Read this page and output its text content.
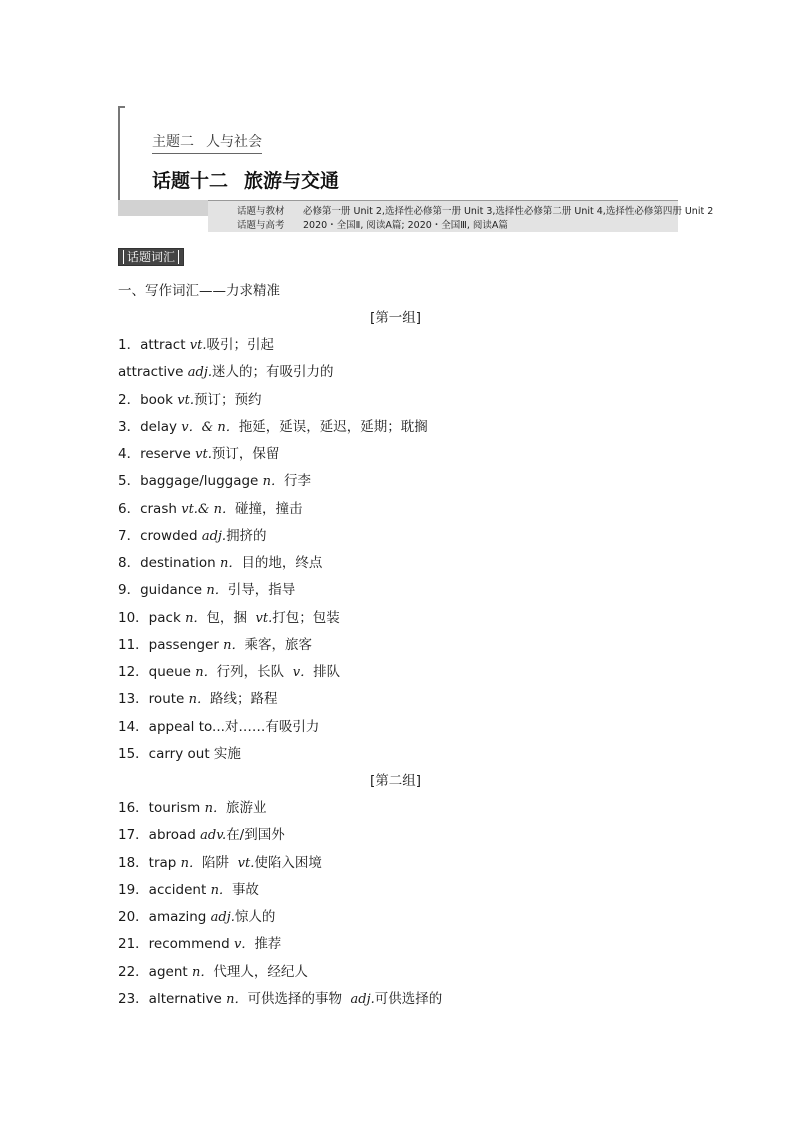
主题二 人与社会
话题十二 旅游与交通
话题与教材 必修第一册 Unit 2,选择性必修第一册 Unit 3,选择性必修第二册 Unit 4,选择性必修第四册 Unit 2
话题与高考 2020・全国Ⅱ, 阅读A篇; 2020・全国Ⅲ, 阅读A篇
话题词汇
一、写作词汇——力求精准
[第一组]
1．attract vt.吸引；引起
attractive adj.迷人的；有吸引力的
2．book vt.预订；预约
3．delay v．& n．拖延，延误，延迟，延期；耽搁
4．reserve vt.预订，保留
5．baggage/luggage n．行李
6．crash vt.& n．碰撞，撞击
7．crowded adj.拥挤的
8．destination n．目的地，终点
9．guidance n．引导，指导
10．pack n．包，捆 vt.打包；包装
11．passenger n．乘客，旅客
12．queue n．行列，长队 v．排队
13．route n．路线；路程
14．appeal to...对……有吸引力
15．carry out 实施
[第二组]
16．tourism n．旅游业
17．abroad adv.在/到国外
18．trap n．陷阱 vt.使陷入困境
19．accident n．事故
20．amazing adj.惊人的
21．recommend v．推荐
22．agent n．代理人，经纪人
23．alternative n．可供选择的事物 adj.可供选择的
